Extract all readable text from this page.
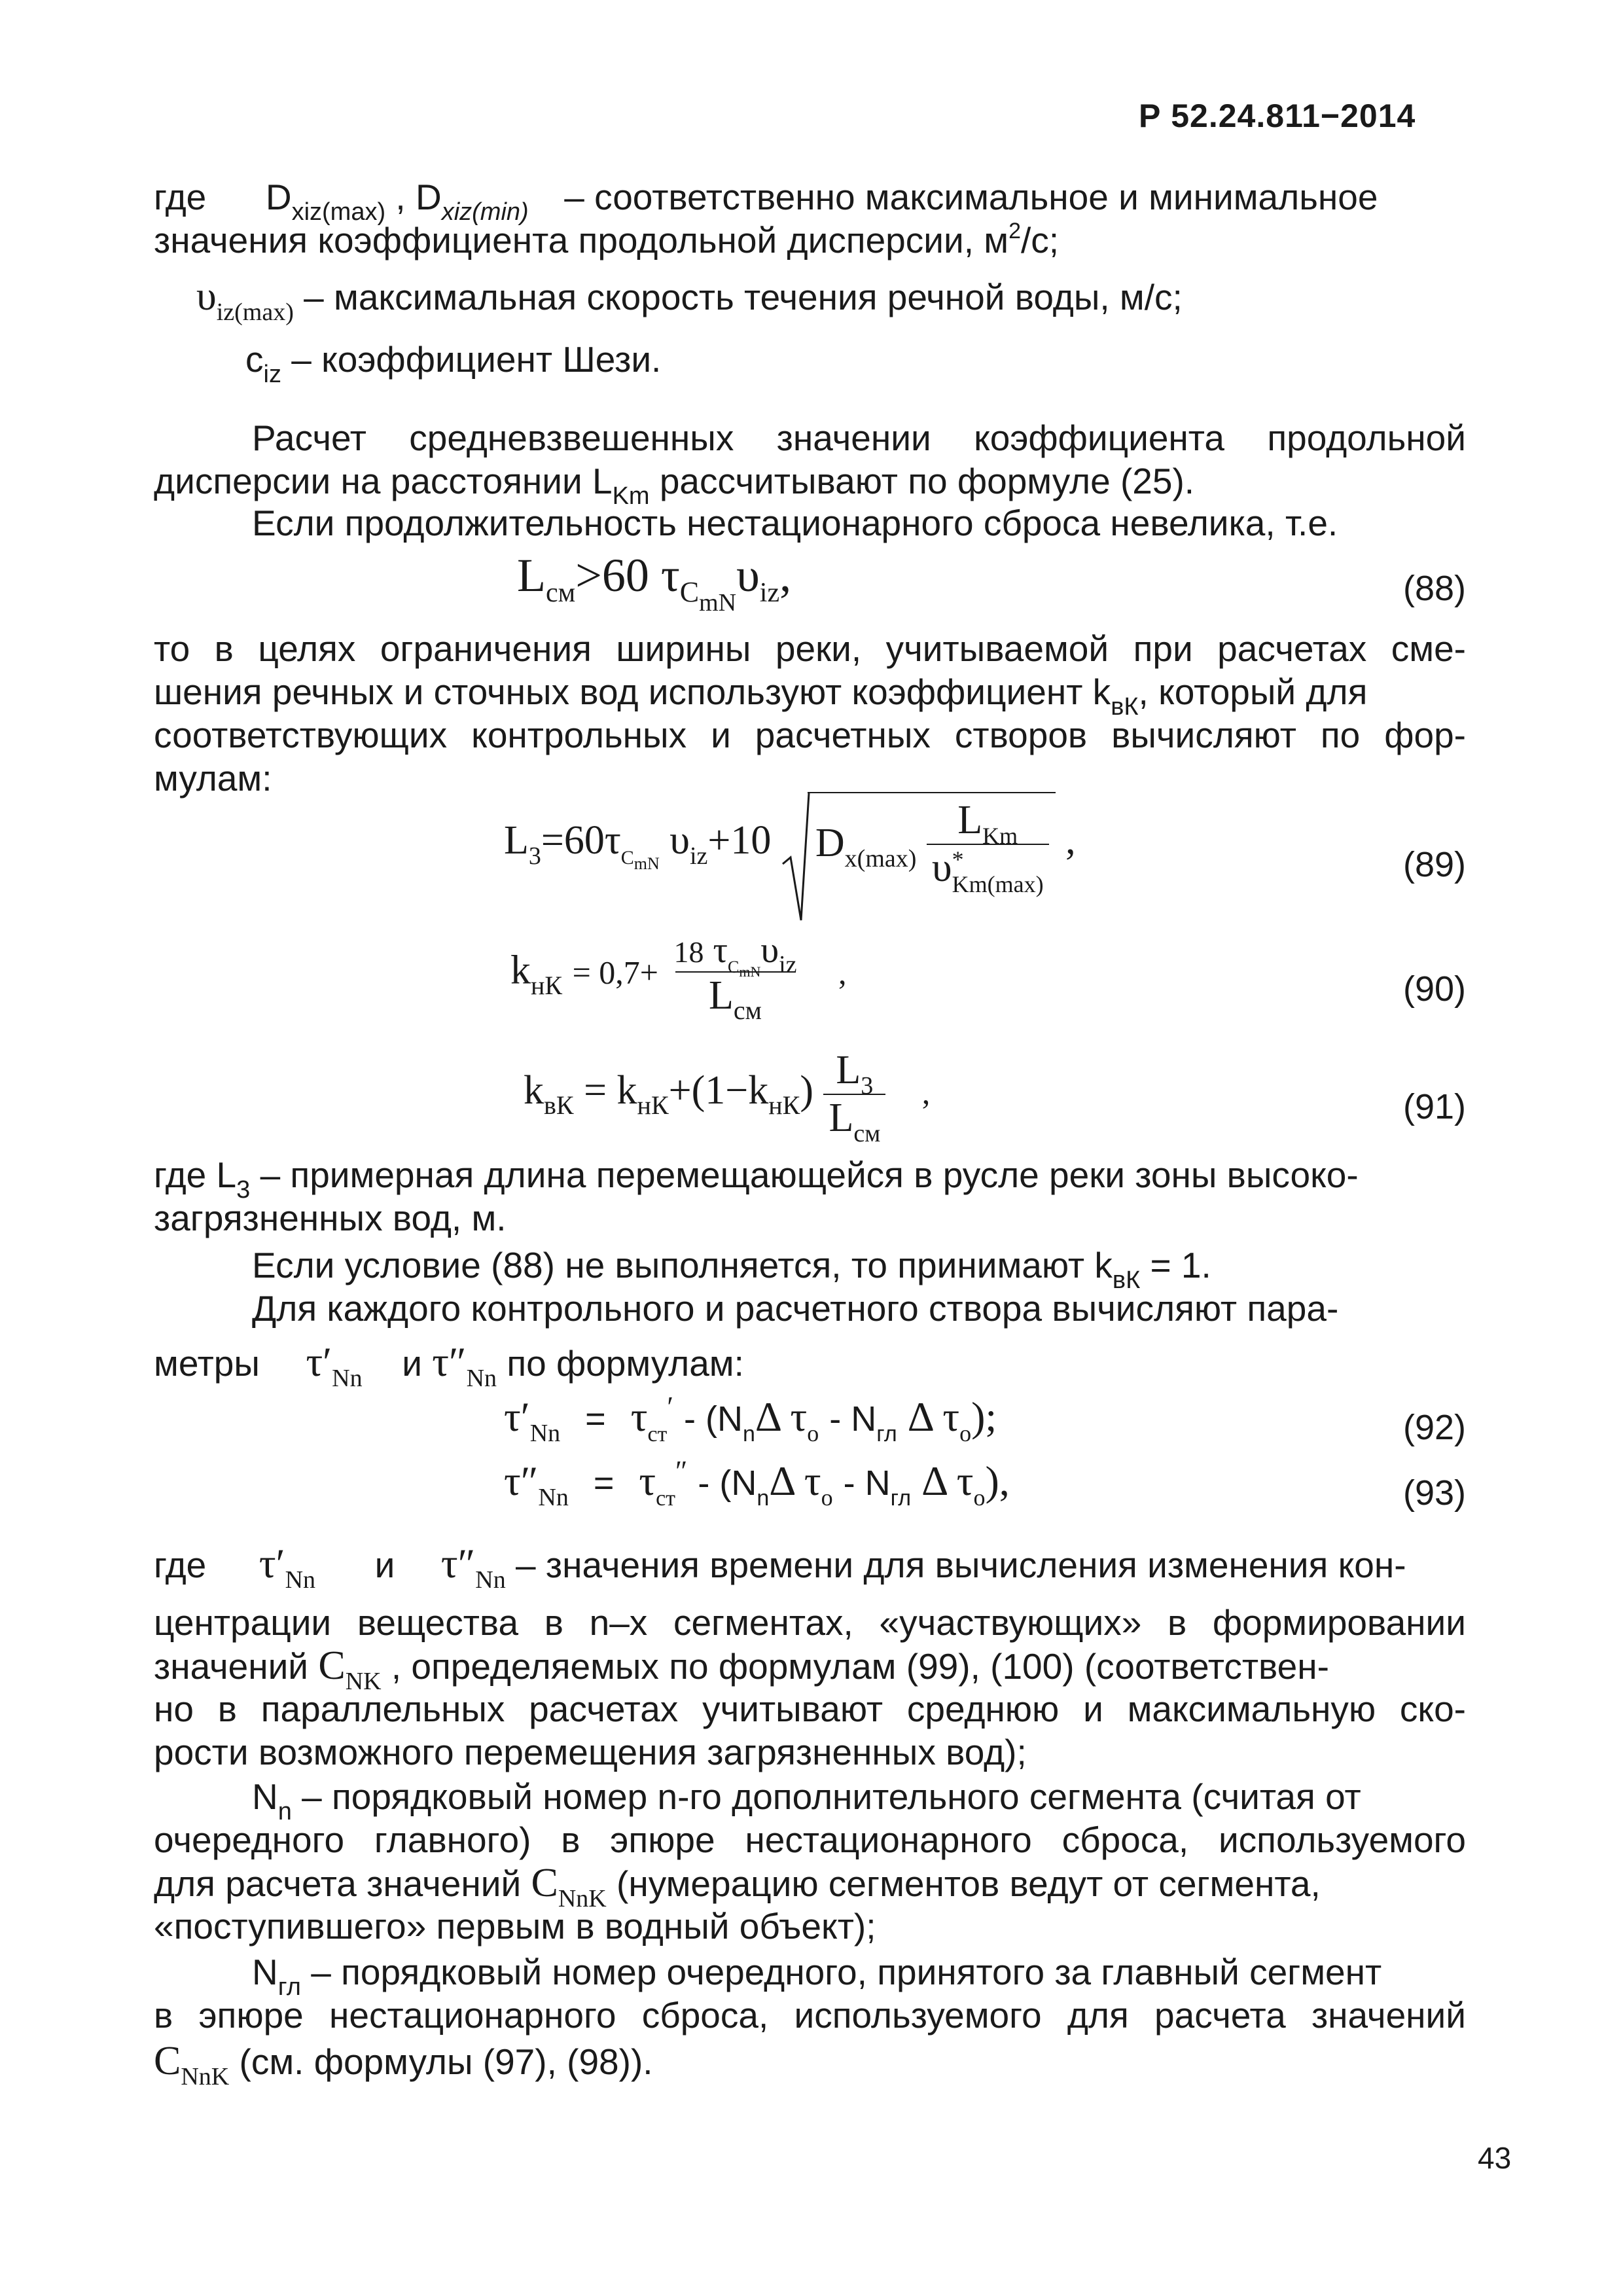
Р 52.24.811−2014
где $D_{xiz(max)}$ , $D_{xiz(min)}$ – соответственно максимальное и минимальное
значения коэффициента продольной дисперсии, $м^2/с$;
$\upsilon_{iz(max)}$ – максимальная скорость течения речной воды, м/с;
$c_{iz}$ – коэффициент Шези.
Расчет средневзвешенных значении коэффициента продольной
дисперсии на расстоянии $L_{Km}$ рассчитывают по формуле (25).
Если продолжительность нестационарного сброса невелика, т.е.
$L_{см}>60$ $\tau_{CmN}\upsilon_{iz}$,	(88)
то в целях ограничения ширины реки, учитываемой при расчетах сме-
шения речных и сточных вод используют коэффициент $k_{вК}$, который для
соответствующих контрольных и расчетных створов вычисляют по фор-
мулам:
$L_3=60\tau_{CmN}$ $\upsilon_{iz}+10$ $D_{x(max)}$ $L_{Km}$
υ *
Km(max) ,
(89)
$k_{нК} = 0,7+ \frac{18 \tau_{CmN}\upsilon_{iz}}{L_{см}}$ ,	(90)
$k_{вК} = k_{нК}+(1-k_{нК}) \frac{L_3}{L_{см}}$ ,	(91)
где $L_3$ – примерная длина перемещающейся в русле реки зоны высоко-
загрязненных вод, м.
Если условие (88) не выполняется, то принимают $k_{вК} = 1$.
Для каждого контрольного и расчетного створа вычисляют пара-
метры $\tau'_{Nn}$ и $\tau''_{Nn}$ по формулам:
$\tau'_{Nn} = \tau_{ст}' - (N_n\Delta$ $\tau_o - N_{гл}$ Δ $\tau_o$);	(92)
$\tau''_{Nn} = \tau_{ст}'' - (N_n\Delta$ $\tau_o - N_{гл}$ Δ $\tau_o$),	(93)
где $\tau'_{Nn}$ и $\tau''_{Nn}$ – значения времени для вычисления изменения кон-
центрации вещества в n–x сегментах, «участвующих» в формировании
значений $C_{NK}$ , определяемых по формулам (99), (100) (соответствен-
но в параллельных расчетах учитывают среднюю и максимальную ско-
рости возможного перемещения загрязненных вод);
$N_n$ – порядковый номер n-го дополнительного сегмента (считая от
очередного главного) в эпюре нестационарного сброса, используемого
для расчета значений $C_{NnK}$ (нумерацию сегментов ведут от сегмента,
«поступившего» первым в водный объект);
$N_{гл}$ – порядковый номер очередного, принятого за главный сегмент
в эпюре нестационарного сброса, используемого для расчета значений
$C_{NnK}$ (см. формулы (97), (98)).
43
